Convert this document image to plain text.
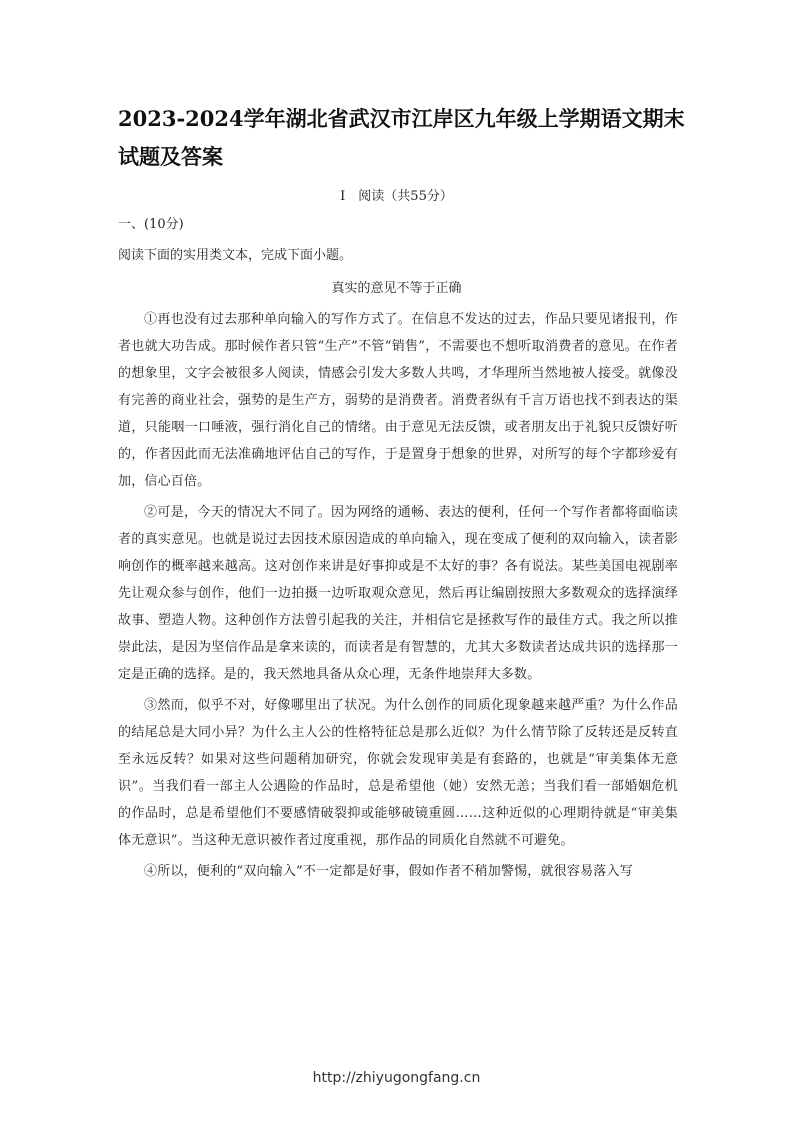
2023-2024学年湖北省武汉市江岸区九年级上学期语文期末试题及答案

Ⅰ　阅读（共55分）

一、(10分)

阅读下面的实用类文本，完成下面小题。

真实的意见不等于正确

①再也没有过去那种单向输入的写作方式了。在信息不发达的过去，作品只要见诸报刊，作者也就大功告成。那时候作者只管“生产”不管“销售”，不需要也不想听取消费者的意见。在作者的想象里，文字会被很多人阅读，情感会引发大多数人共鸣，才华理所当然地被人接受。就像没有完善的商业社会，强势的是生产方，弱势的是消费者。消费者纵有千言万语也找不到表达的渠道，只能咽一口唾液，强行消化自己的情绪。由于意见无法反馈，或者朋友出于礼貌只反馈好听的，作者因此而无法准确地评估自己的写作，于是置身于想象的世界，对所写的每个字都珍爱有加，信心百倍。

②可是，今天的情况大不同了。因为网络的通畅、表达的便利，任何一个写作者都将面临读者的真实意见。也就是说过去因技术原因造成的单向输入，现在变成了便利的双向输入，读者影响创作的概率越来越高。这对创作来讲是好事抑或是不太好的事？各有说法。某些美国电视剧率先让观众参与创作，他们一边拍摄一边听取观众意见，然后再让编剧按照大多数观众的选择演绎故事、塑造人物。这种创作方法曾引起我的关注，并相信它是拯救写作的最佳方式。我之所以推崇此法，是因为坚信作品是拿来读的，而读者是有智慧的，尤其大多数读者达成共识的选择那一定是正确的选择。是的，我天然地具备从众心理，无条件地崇拜大多数。

③然而，似乎不对，好像哪里出了状况。为什么创作的同质化现象越来越严重？为什么作品的结尾总是大同小异？为什么主人公的性格特征总是那么近似？为什么情节除了反转还是反转直至永远反转？如果对这些问题稍加研究，你就会发现审美是有套路的，也就是“审美集体无意识”。当我们看一部主人公遇险的作品时，总是希望他（她）安然无恙；当我们看一部婚姻危机的作品时，总是希望他们不要感情破裂抑或能够破镜重圆……这种近似的心理期待就是“审美集体无意识”。当这种无意识被作者过度重视，那作品的同质化自然就不可避免。

④所以，便利的“双向输入”不一定都是好事，假如作者不稍加警惕，就很容易落入写

http://zhiyugongfang.cn
